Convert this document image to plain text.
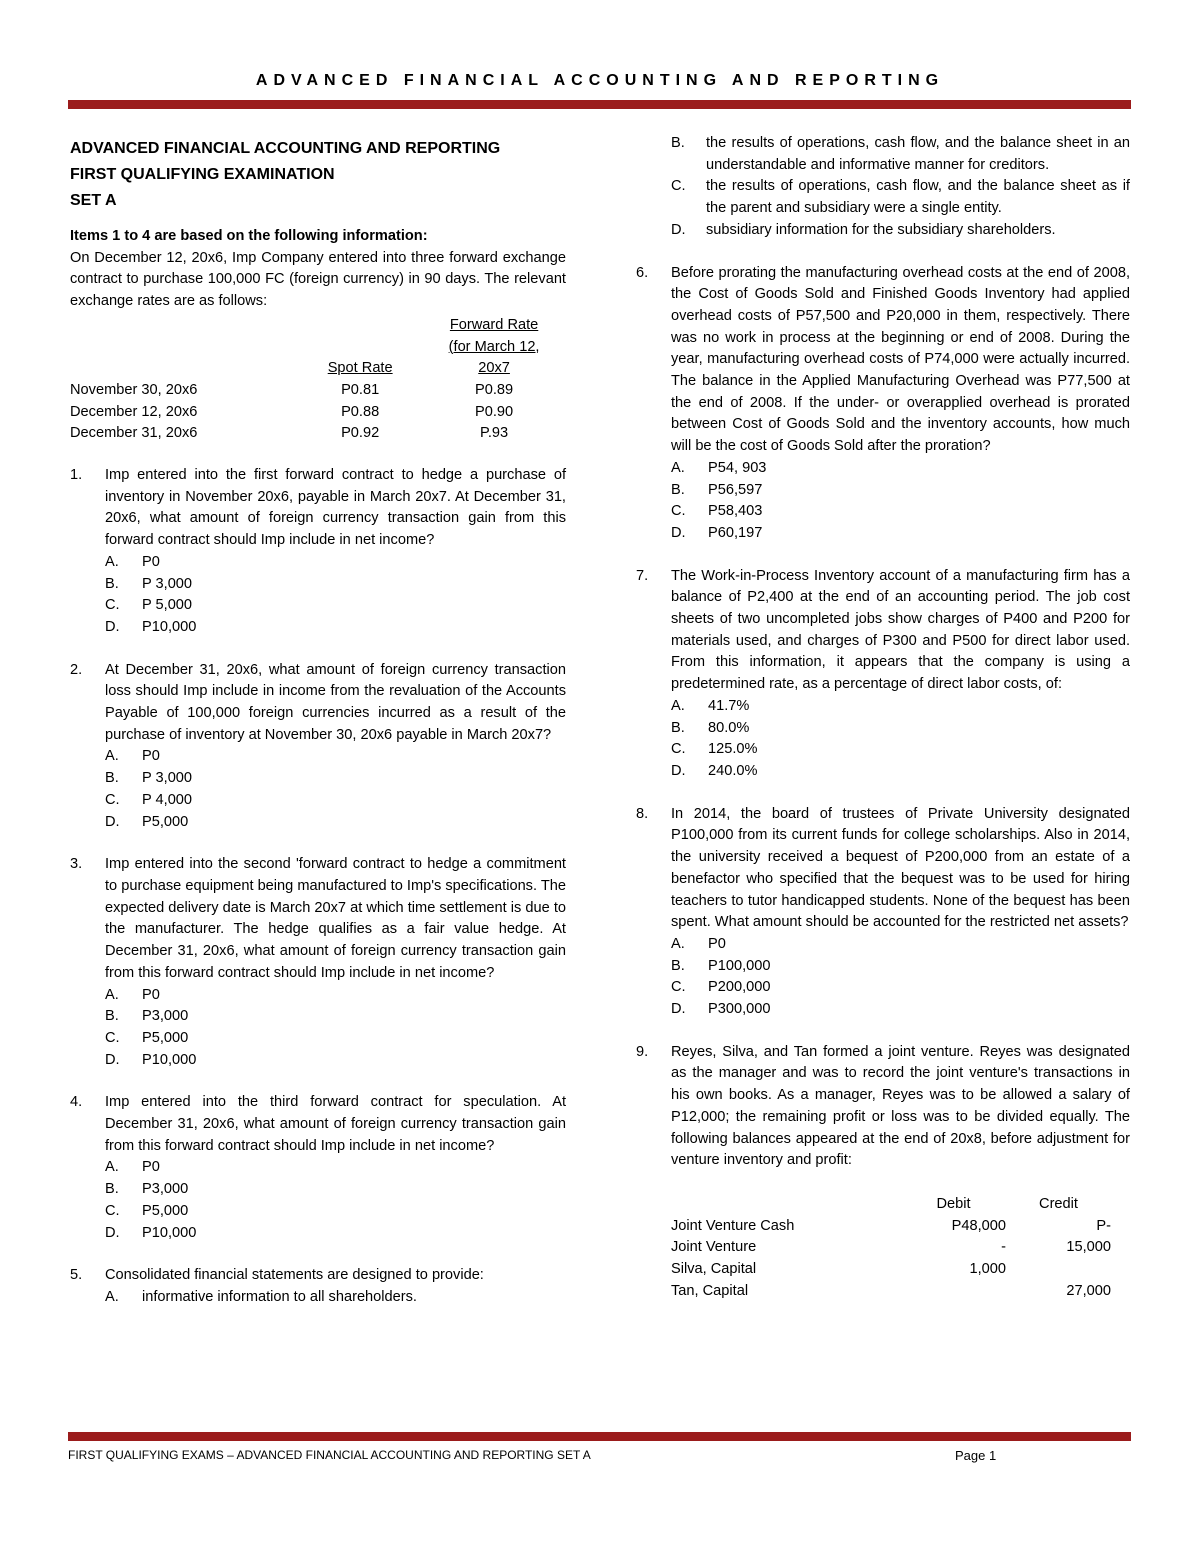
ADVANCED FINANCIAL ACCOUNTING AND REPORTING
ADVANCED FINANCIAL ACCOUNTING AND REPORTING
FIRST QUALIFYING EXAMINATION
SET A
Items 1 to 4 are based on the following information:
On December 12, 20x6, Imp Company entered into three forward exchange contract to purchase 100,000 FC (foreign currency) in 90 days. The relevant exchange rates are as follows:
		Forward Rate
		(for March 12,
	Spot Rate	20x7
November 30, 20x6	P0.81	P0.89
December 12, 20x6	P0.88	P0.90
December 31, 20x6	P0.92	P.93
1.	Imp entered into the first forward contract to hedge a purchase of inventory in November 20x6, payable in March 20x7. At December 31, 20x6, what amount of foreign currency transaction gain from this forward contract should Imp include in net income?
A.	P0
B.	P 3,000
C.	P 5,000
D.	P10,000
2.	At December 31, 20x6, what amount of foreign currency transaction loss should Imp include in income from the revaluation of the Accounts Payable of 100,000 foreign currencies incurred as a result of the purchase of inventory at November 30, 20x6 payable in March 20x7?
A.	P0
B.	P 3,000
C.	P 4,000
D.	P5,000
3.	Imp entered into the second 'forward contract to hedge a commitment to purchase equipment being manufactured to Imp's specifications. The expected delivery date is March 20x7 at which time settlement is due to the manufacturer. The hedge qualifies as a fair value hedge. At December 31, 20x6, what amount of foreign currency transaction gain from this forward contract should Imp include in net income?
A.	P0
B.	P3,000
C.	P5,000
D.	P10,000
4.	Imp entered into the third forward contract for speculation. At December 31, 20x6, what amount of foreign currency transaction gain from this forward contract should Imp include in net income?
A.	P0
B.	P3,000
C.	P5,000
D.	P10,000
5.	Consolidated financial statements are designed to provide:
A.	informative information to all shareholders.
B.	the results of operations, cash flow, and the balance sheet in an understandable and informative manner for creditors.
C.	the results of operations, cash flow, and the balance sheet as if the parent and subsidiary were a single entity.
D.	subsidiary information for the subsidiary shareholders.
6.	Before prorating the manufacturing overhead costs at the end of 2008, the Cost of Goods Sold and Finished Goods Inventory had applied overhead costs of P57,500 and P20,000 in them, respectively. There was no work in process at the beginning or end of 2008. During the year, manufacturing overhead costs of P74,000 were actually incurred. The balance in the Applied Manufacturing Overhead was P77,500 at the end of 2008. If the under- or overapplied overhead is prorated between Cost of Goods Sold and the inventory accounts, how much will be the cost of Goods Sold after the proration?
A.	P54, 903
B.	P56,597
C.	P58,403
D.	P60,197
7.	The Work-in-Process Inventory account of a manufacturing firm has a balance of P2,400 at the end of an accounting period. The job cost sheets of two uncompleted jobs show charges of P400 and P200 for materials used, and charges of P300 and P500 for direct labor used. From this information, it appears that the company is using a predetermined rate, as a percentage of direct labor costs, of:
A.	41.7%
B.	80.0%
C.	125.0%
D.	240.0%
8.	In 2014, the board of trustees of Private University designated P100,000 from its current funds for college scholarships. Also in 2014, the university received a bequest of P200,000 from an estate of a benefactor who specified that the bequest was to be used for hiring teachers to tutor handicapped students. None of the bequest has been spent. What amount should be accounted for the restricted net assets?
A.	P0
B.	P100,000
C.	P200,000
D.	P300,000
9.	Reyes, Silva, and Tan formed a joint venture. Reyes was designated as the manager and was to record the joint venture's transactions in his own books. As a manager, Reyes was to be allowed a salary of P12,000; the remaining profit or loss was to be divided equally. The following balances appeared at the end of 20x8, before adjustment for venture inventory and profit:
	Debit	Credit
Joint Venture Cash	P48,000	P-
Joint Venture	-	15,000
Silva, Capital	1,000	
Tan, Capital		27,000
FIRST QUALIFYING EXAMS – ADVANCED FINANCIAL ACCOUNTING AND REPORTING SET A	Page 1
